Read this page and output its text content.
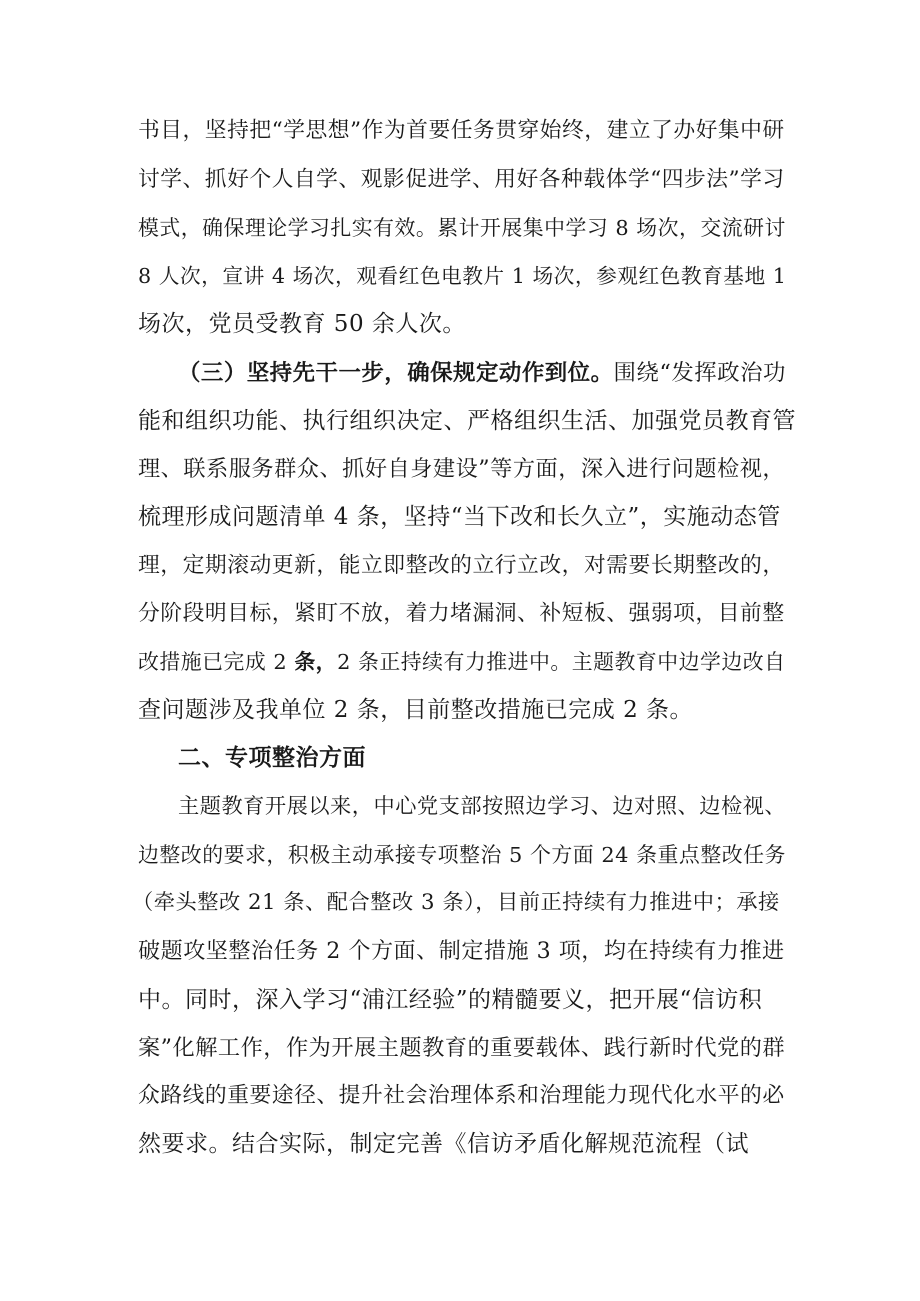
书目，坚持把“学思想”作为首要任务贯穿始终，建立了办好集中研
讨学、抓好个人自学、观影促进学、用好各种载体学“四步法”学习
模式，确保理论学习扎实有效。累计开展集中学习 8 场次，交流研讨
8 人次，宣讲 4 场次，观看红色电教片 1 场次，参观红色教育基地 1
场次，党员受教育 50 余人次。
（三）坚持先干一步，确保规定动作到位。围绕“发挥政治功
能和组织功能、执行组织决定、严格组织生活、加强党员教育管
理、联系服务群众、抓好自身建设”等方面，深入进行问题检视，
梳理形成问题清单 4 条，坚持“当下改和长久立”，实施动态管
理，定期滚动更新，能立即整改的立行立改，对需要长期整改的，
分阶段明目标，紧盯不放，着力堵漏洞、补短板、强弱项，目前整
改措施已完成 2 条，2 条正持续有力推进中。主题教育中边学边改自
查问题涉及我单位 2 条，目前整改措施已完成 2 条。
二、专项整治方面
主题教育开展以来，中心党支部按照边学习、边对照、边检视、
边整改的要求，积极主动承接专项整治 5 个方面 24 条重点整改任务
（牵头整改 21 条、配合整改 3 条），目前正持续有力推进中；承接
破题攻坚整治任务 2 个方面、制定措施 3 项，均在持续有力推进
中。同时，深入学习“浦江经验”的精髓要义，把开展“信访积
案”化解工作，作为开展主题教育的重要载体、践行新时代党的群
众路线的重要途径、提升社会治理体系和治理能力现代化水平的必
然要求。结合实际，制定完善《信访矛盾化解规范流程（试
